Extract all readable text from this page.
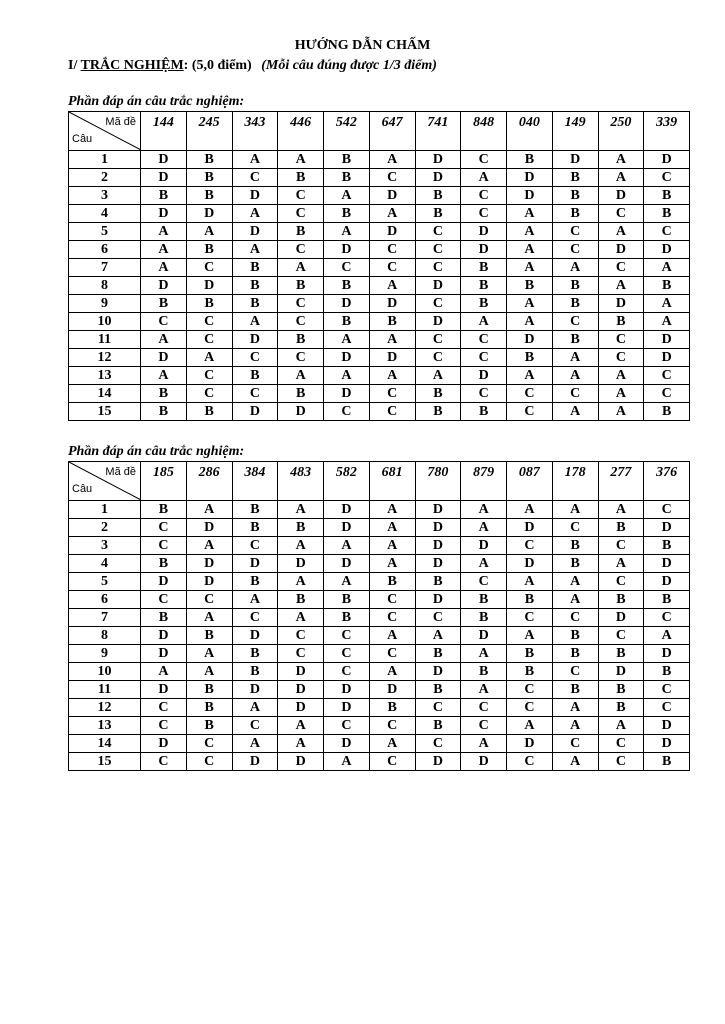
HƯỚNG DẪN CHẤM
I/ TRẮC NGHIỆM: (5,0 điểm) (Mỗi câu đúng được 1/3 điểm)
Phần đáp án câu trắc nghiệm:
Mã đề
Câu	144	245	343	446	542	647	741	848	040	149	250	339
1	D	B	A	A	B	A	D	C	B	D	A	D
2	D	B	C	B	B	C	D	A	D	B	A	C
3	B	B	D	C	A	D	B	C	D	B	D	B
4	D	D	A	C	B	A	B	C	A	B	C	B
5	A	A	D	B	A	D	C	D	A	C	A	C
6	A	B	A	C	D	C	C	D	A	C	D	D
7	A	C	B	A	C	C	C	B	A	A	C	A
8	D	D	B	B	B	A	D	B	B	B	A	B
9	B	B	B	C	D	D	C	B	A	B	D	A
10	C	C	A	C	B	B	D	A	A	C	B	A
11	A	C	D	B	A	A	C	C	D	B	C	D
12	D	A	C	C	D	D	C	C	B	A	C	D
13	A	C	B	A	A	A	A	D	A	A	A	C
14	B	C	C	B	D	C	B	C	C	C	A	C
15	B	B	D	D	C	C	B	B	C	A	A	B
Phần đáp án câu trắc nghiệm:
Mã đề
Câu	185	286	384	483	582	681	780	879	087	178	277	376
1	B	A	B	A	D	A	D	A	A	A	A	C
2	C	D	B	B	D	A	D	A	D	C	B	D
3	C	A	C	A	A	A	D	D	C	B	C	B
4	B	D	D	D	D	A	D	A	D	B	A	D
5	D	D	B	A	A	B	B	C	A	A	C	D
6	C	C	A	B	B	C	D	B	B	A	B	B
7	B	A	C	A	B	C	C	B	C	C	D	C
8	D	B	D	C	C	A	A	D	A	B	C	A
9	D	A	B	C	C	C	B	A	B	B	B	D
10	A	A	B	D	C	A	D	B	B	C	D	B
11	D	B	D	D	D	D	B	A	C	B	B	C
12	C	B	A	D	D	B	C	C	C	A	B	C
13	C	B	C	A	C	C	B	C	A	A	A	D
14	D	C	A	A	D	A	C	A	D	C	C	D
15	C	C	D	D	A	C	D	D	C	A	C	B
